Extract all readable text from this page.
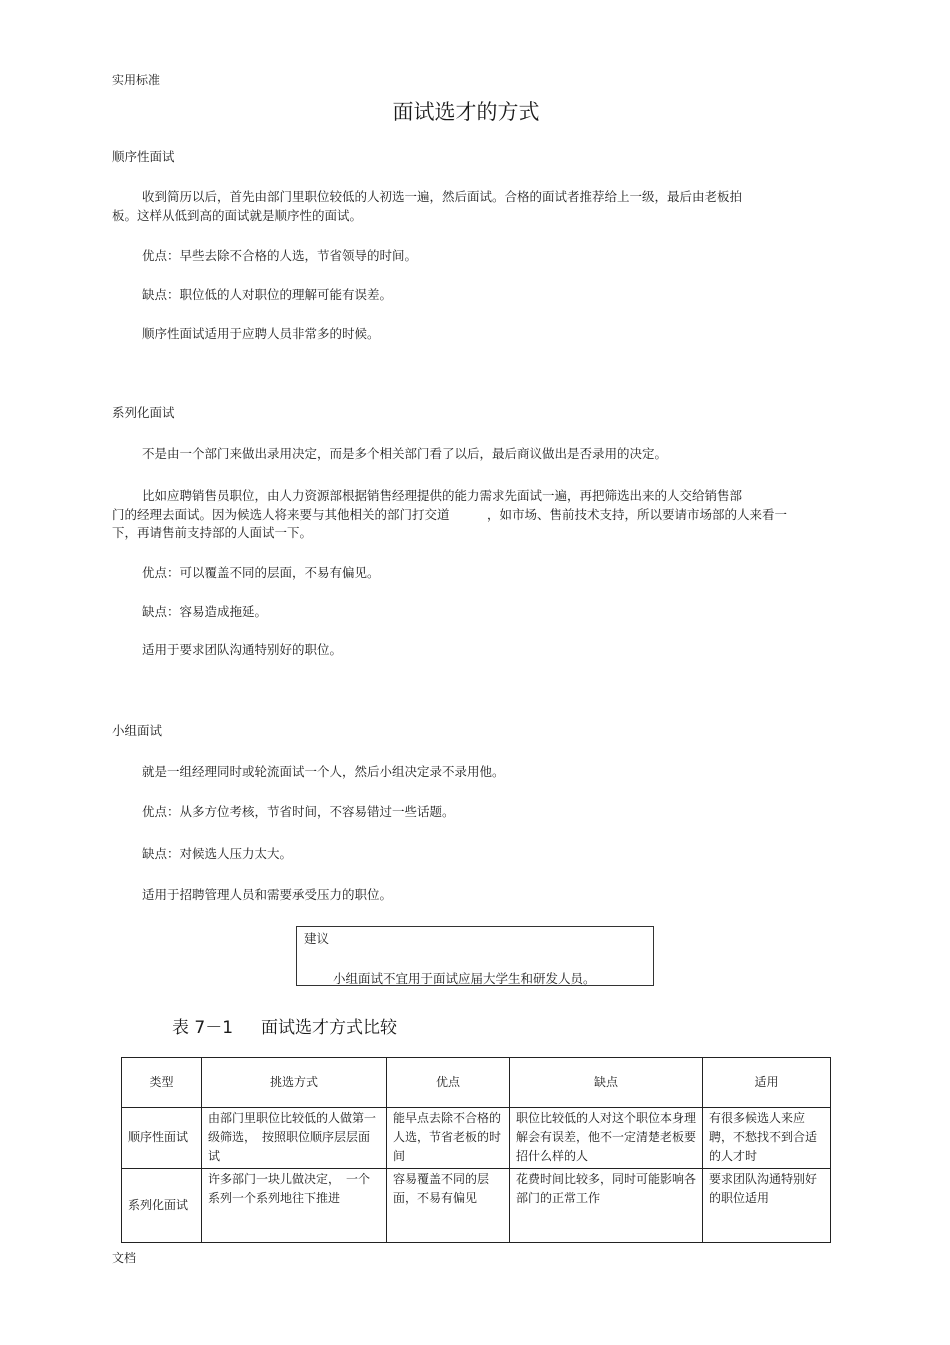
实用标准
面试选才的方式
顺序性面试
收到简历以后，首先由部门里职位较低的人初选一遍，然后面试。合格的面试者推荐给上一级，最后由老板拍
板。这样从低到高的面试就是顺序性的面试。
优点：早些去除不合格的人选，节省领导的时间。
缺点：职位低的人对职位的理解可能有误差。
顺序性面试适用于应聘人员非常多的时候。
系列化面试
不是由一个部门来做出录用决定，而是多个相关部门看了以后，最后商议做出是否录用的决定。
比如应聘销售员职位，由人力资源部根据销售经理提供的能力需求先面试一遍，再把筛选出来的人交给销售部
门的经理去面试。因为候选人将来要与其他相关的部门打交道　　　，如市场、售前技术支持，所以要请市场部的人来看一
下，再请售前支持部的人面试一下。
优点：可以覆盖不同的层面，不易有偏见。
缺点：容易造成拖延。
适用于要求团队沟通特别好的职位。
小组面试
就是一组经理同时或轮流面试一个人，然后小组决定录不录用他。
优点：从多方位考核，节省时间，不容易错过一些话题。
缺点：对候选人压力太大。
适用于招聘管理人员和需要承受压力的职位。
建议
小组面试不宜用于面试应届大学生和研发人员。
表 7－1 面试选才方式比较
类型	挑选方式	优点	缺点	适用
顺序性面试	由部门里职位比较低的人做第一级筛选，　按照职位顺序层层面试	能早点去除不合格的人选，节省老板的时间	职位比较低的人对这个职位本身理解会有误差，他不一定清楚老板要招什么样的人	有很多候选人来应聘，不愁找不到合适的人才时
系列化面试	许多部门一块儿做决定，　一个系列一个系列地往下推进	容易覆盖不同的层面，不易有偏见	花费时间比较多，同时可能影响各部门的正常工作	要求团队沟通特别好的职位适用
文档
